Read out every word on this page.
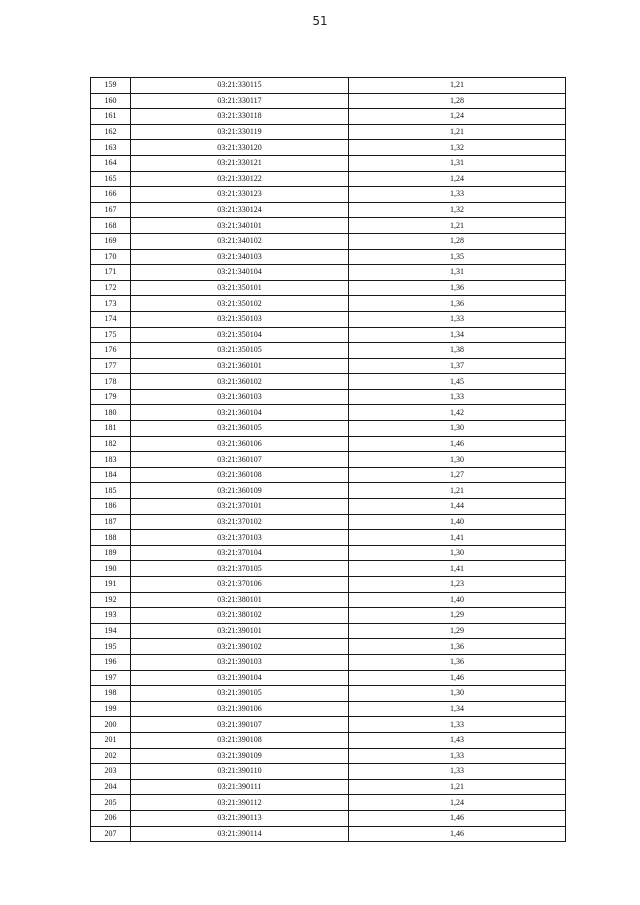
51
159	03:21:330115	1,21
160	03:21:330117	1,28
161	03:21:330118	1,24
162	03:21:330119	1,21
163	03:21:330120	1,32
164	03:21:330121	1,31
165	03:21:330122	1,24
166	03:21:330123	1,33
167	03:21:330124	1,32
168	03:21:340101	1,21
169	03:21:340102	1,28
170	03:21:340103	1,35
171	03:21:340104	1,31
172	03:21:350101	1,36
173	03:21:350102	1,36
174	03:21:350103	1,33
175	03:21:350104	1,34
176	03:21:350105	1,38
177	03:21:360101	1,37
178	03:21:360102	1,45
179	03:21:360103	1,33
180	03:21:360104	1,42
181	03:21:360105	1,30
182	03:21:360106	1,46
183	03:21:360107	1,30
184	03:21:360108	1,27
185	03:21:360109	1,21
186	03:21:370101	1,44
187	03:21:370102	1,40
188	03:21:370103	1,41
189	03:21:370104	1,30
190	03:21:370105	1,41
191	03:21:370106	1,23
192	03:21:380101	1,40
193	03:21:380102	1,29
194	03:21:390101	1,29
195	03:21:390102	1,36
196	03:21:390103	1,36
197	03:21:390104	1,46
198	03:21:390105	1,30
199	03:21:390106	1,34
200	03:21:390107	1,33
201	03:21:390108	1,43
202	03:21:390109	1,33
203	03:21:390110	1,33
204	03:21:390111	1,21
205	03:21:390112	1,24
206	03:21:390113	1,46
207	03:21:390114	1,46
